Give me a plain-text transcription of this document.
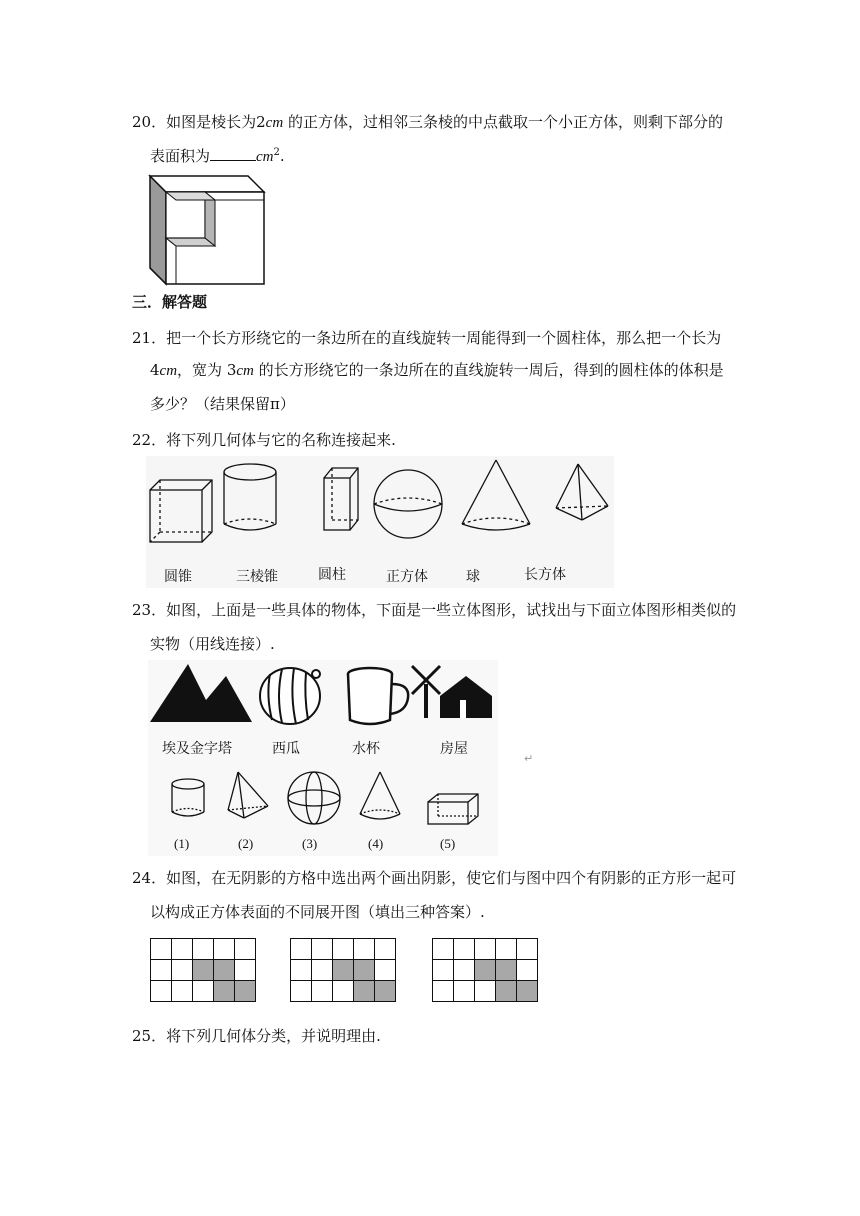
20．如图是棱长为2cm 的正方体，过相邻三条棱的中点截取一个小正方体，则剩下部分的
表面积为	$cm^2$.
三．解答题
21．把一个长方形绕它的一条边所在的直线旋转一周能得到一个圆柱体，那么把一个长为
4cm，宽为 3cm 的长方形绕它的一条边所在的直线旋转一周后，得到的圆柱体的体积是
多少？（结果保留π）
22．将下列几何体与它的名称连接起来.
圆锥	三棱锥	圆柱	正方体	球	长方体
23．如图，上面是一些具体的物体，下面是一些立体图形，试找出与下面立体图形相类似的
实物（用线连接）.
埃及金字塔	西瓜	水杯	房屋
(1)	(2)	(3)	(4)	(5)
↵
24．如图，在无阴影的方格中选出两个画出阴影，使它们与图中四个有阴影的正方形一起可
以构成正方体表面的不同展开图（填出三种答案）.

25．将下列几何体分类，并说明理由.
